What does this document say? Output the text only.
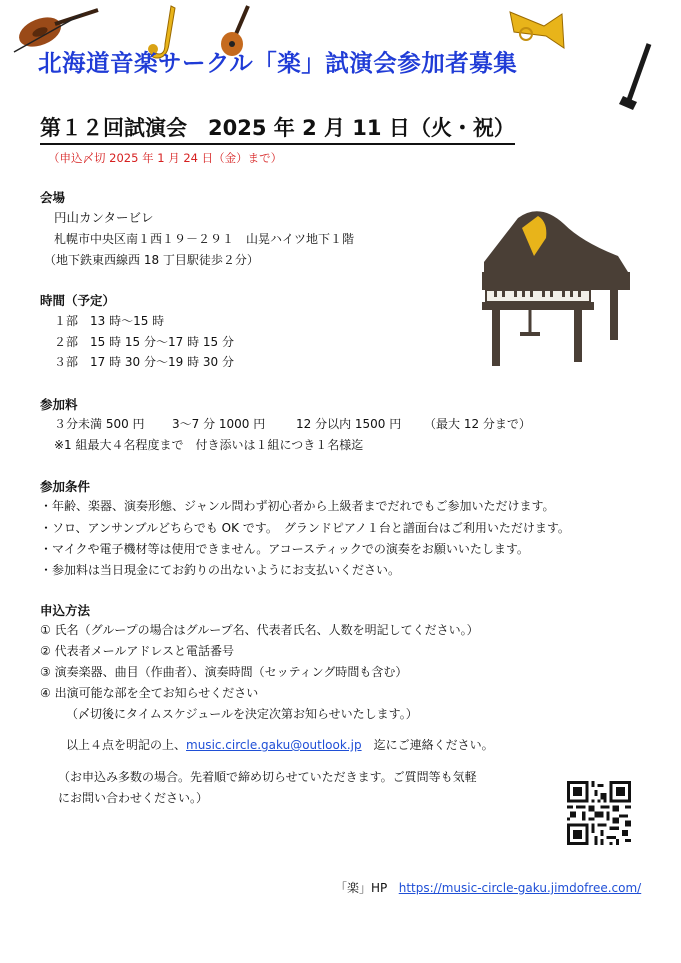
北海道音楽サークル「楽」試演会参加者募集
第１２回試演会　2025 年 2 月 11 日（火・祝）
（申込〆切 2025 年 1 月 24 日（金）まで）
会場
円山カンタービレ
札幌市中央区南１西１９－２９１　山晃ハイツ地下１階
（地下鉄東西線西 18 丁目駅徒歩２分）
時間（予定）
１部　13 時～15 時
２部　15 時 15 分～17 時 15 分
３部　17 時 30 分～19 時 30 分
参加料
３分未満 500 円 3～7 分 1000 円	12 分以内 1500 円 （最大 12 分まで）
※1 組最大４名程度まで　付き添いは１組につき１名様迄
参加条件
・年齢、楽器、演奏形態、ジャンル問わず初心者から上級者までだれでもご参加いただけます。
・ソロ、アンサンブルどちらでも OK です。　グランドピアノ１台と譜面台はご利用いただけます。
・マイクや電子機材等は使用できません。アコースティックでの演奏をお願いいたします。
・参加料は当日現金にてお釣りの出ないようにお支払いください。
申込方法
① 氏名（グループの場合はグループ名、代表者氏名、人数を明記してください。）
② 代表者メールアドレスと電話番号
③ 演奏楽器、曲目（作曲者）、演奏時間（セッティング時間も含む）
④ 出演可能な部を全てお知らせください
（〆切後にタイムスケジュールを決定次第お知らせいたします。）
以上４点を明記の上、music.circle.gaku@outlook.jp　迄にご連絡ください。
（お申込み多数の場合。先着順で締め切らせていただきます。ご質問等も気軽
にお問い合わせください。）
「楽」HP https://music-circle-gaku.jimdofree.com/
